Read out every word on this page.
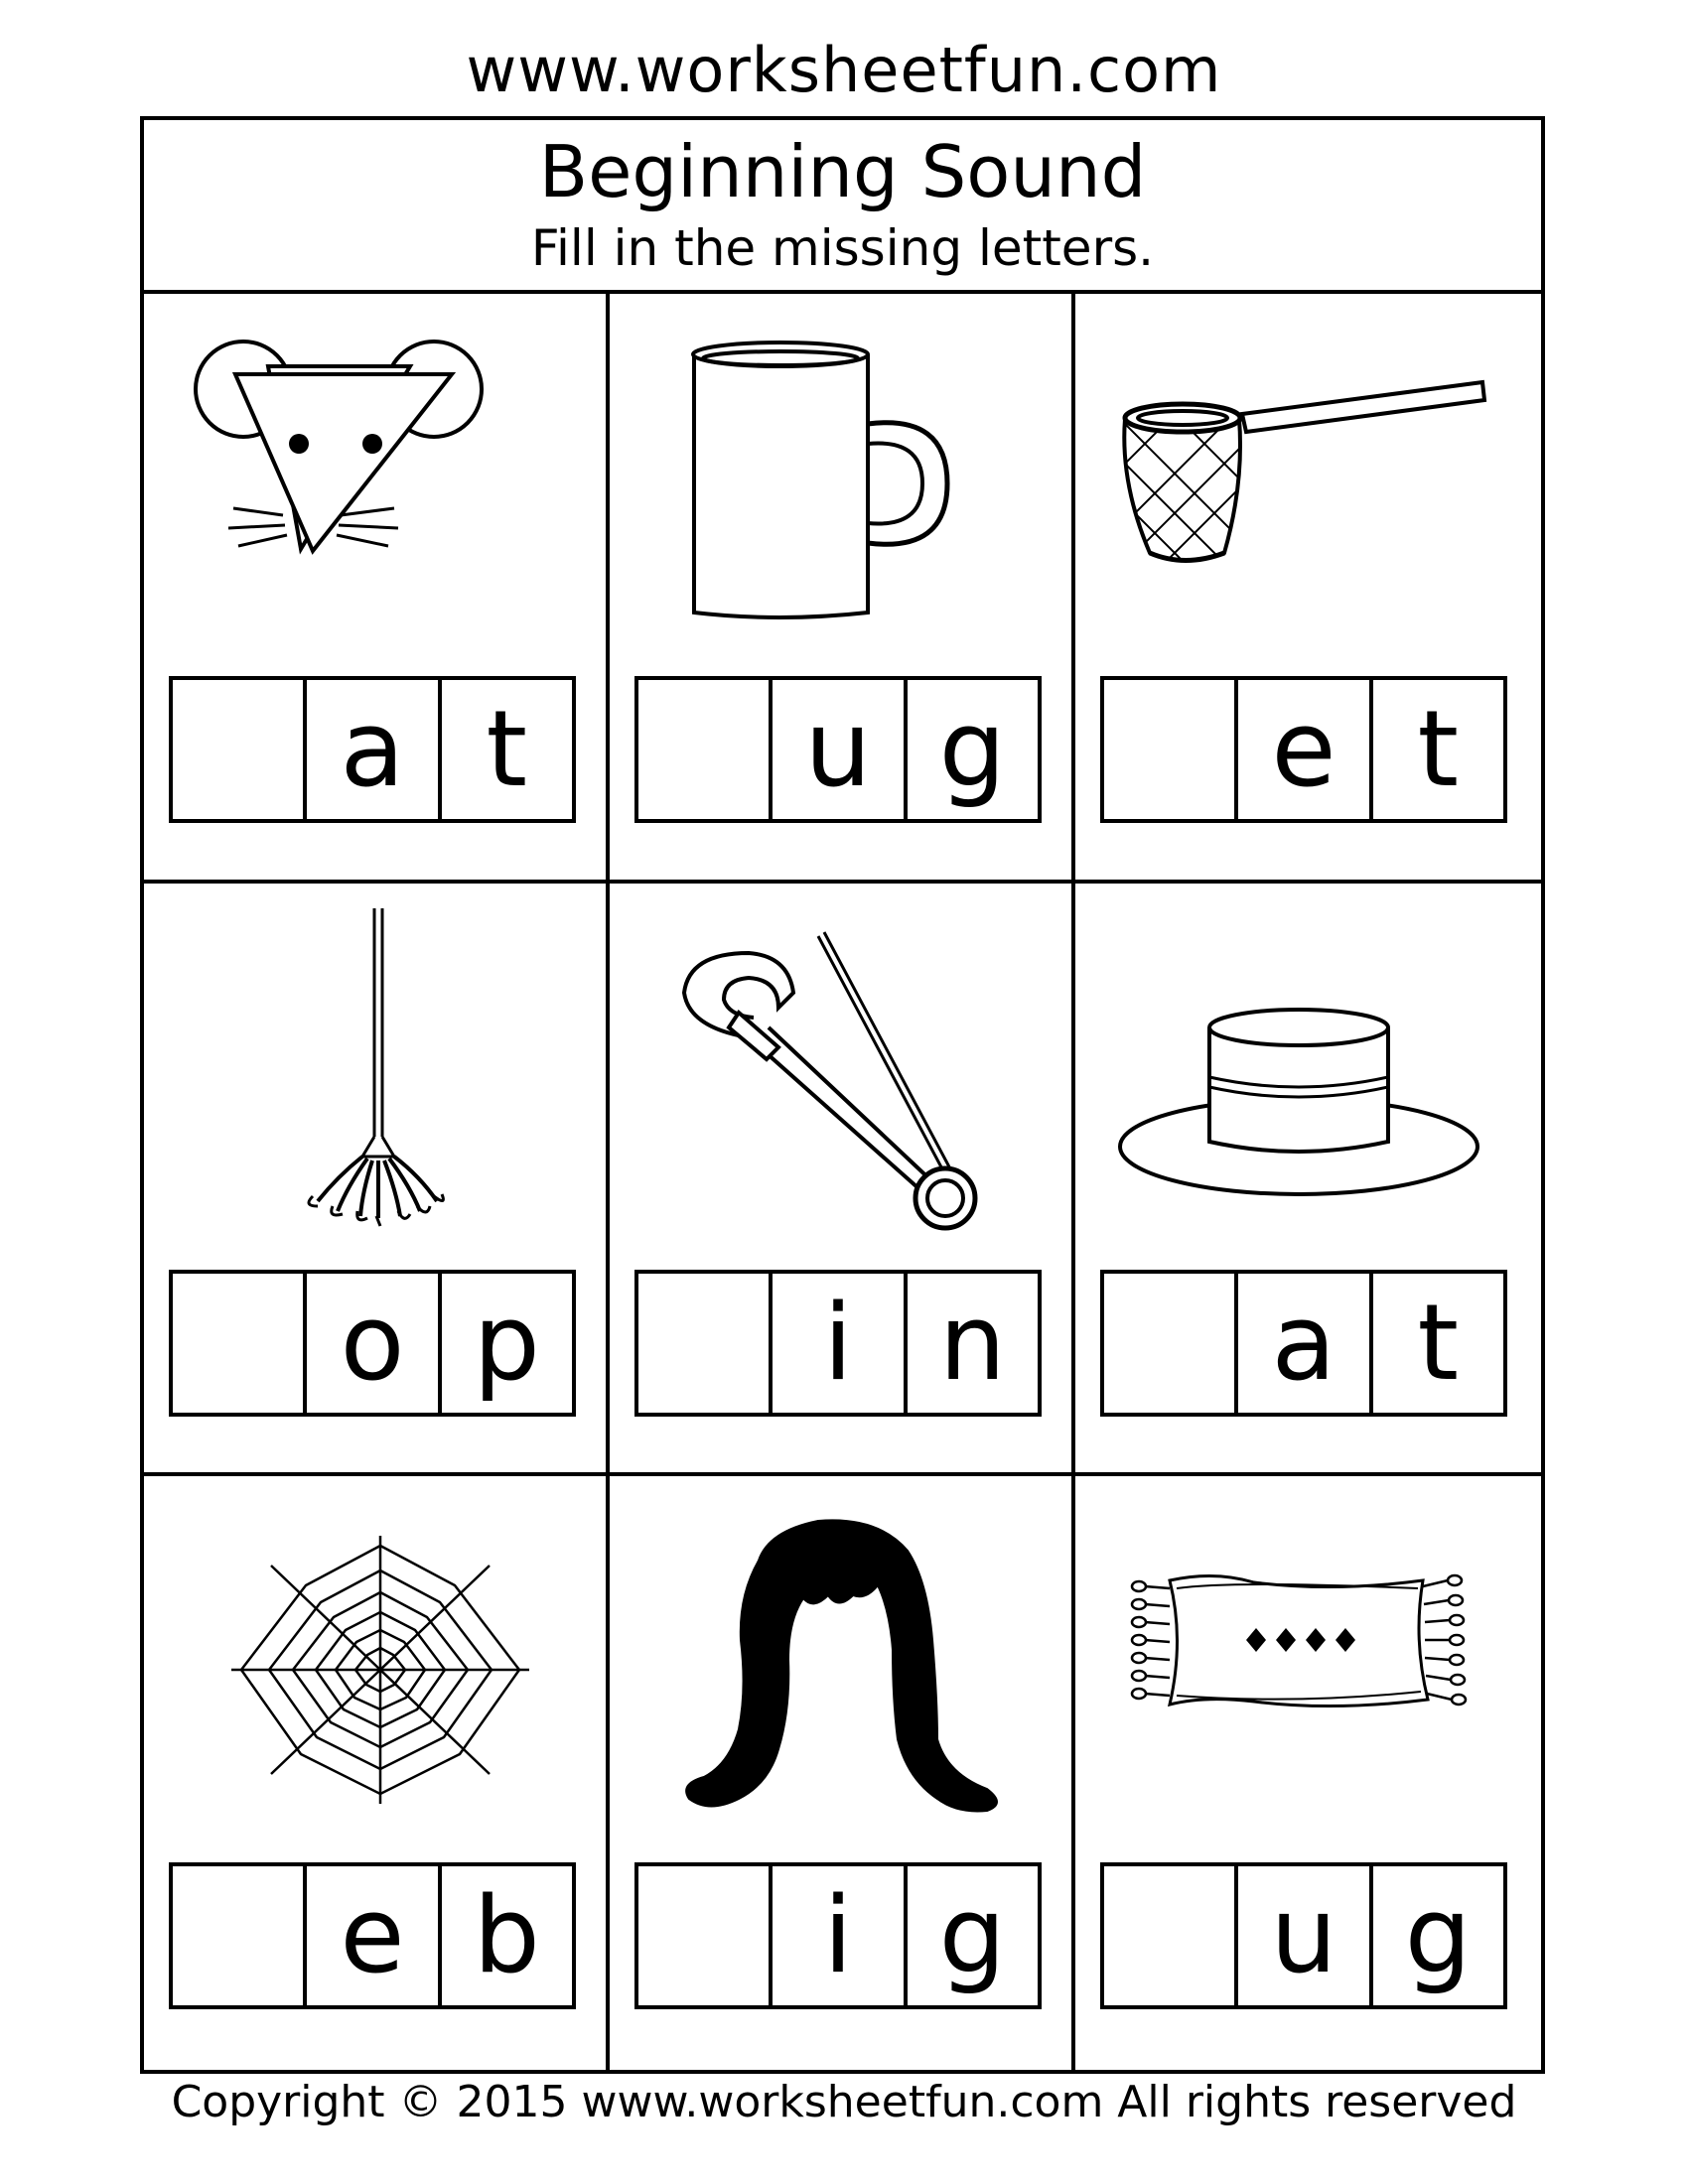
www.worksheetfun.com
Beginning Sound
Fill in the missing letters.
a t	u g	e t
o p	i n	a t
e b	i g	u g
Copyright © 2015 www.worksheetfun.com All rights reserved
